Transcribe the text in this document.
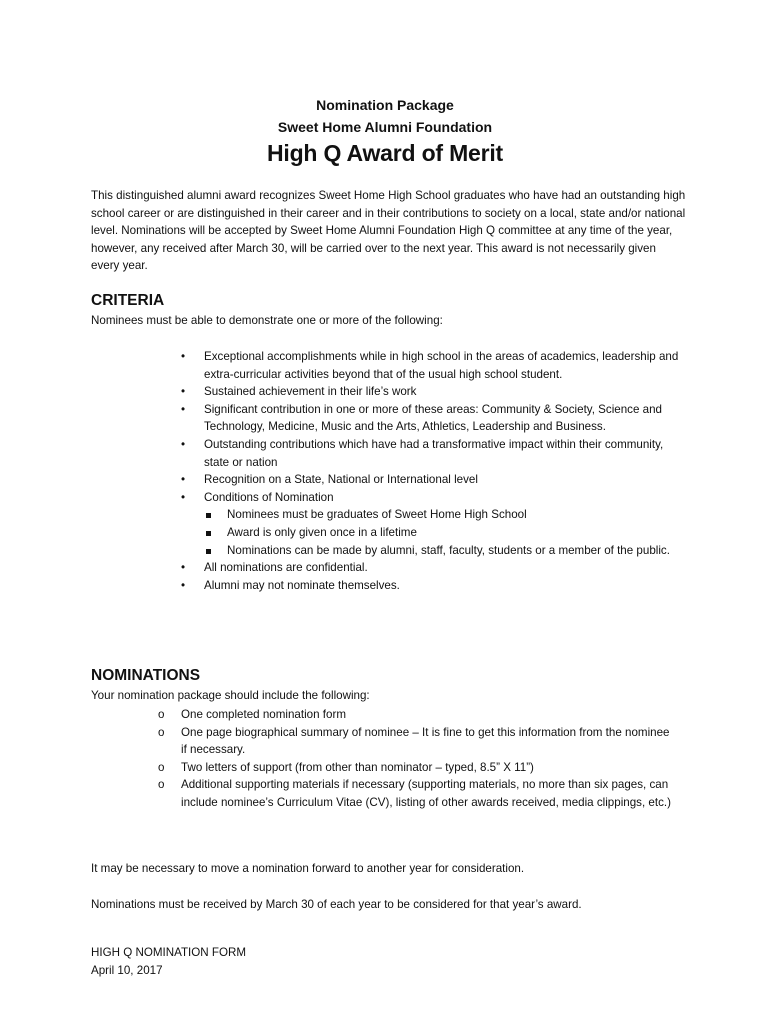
Nomination Package
Sweet Home Alumni Foundation
High Q Award of Merit
This distinguished alumni award recognizes Sweet Home High School graduates who have had an outstanding high school career or are distinguished in their career and in their contributions to society on a local, state and/or national level. Nominations will be accepted by Sweet Home Alumni Foundation High Q committee at any time of the year, however, any received after March 30, will be carried over to the next year. This award is not necessarily given every year.
CRITERIA
Nominees must be able to demonstrate one or more of the following:
• Exceptional accomplishments while in high school in the areas of academics, leadership and extra-curricular activities beyond that of the usual high school student.
• Sustained achievement in their life’s work
• Significant contribution in one or more of these areas: Community & Society, Science and Technology, Medicine, Music and the Arts, Athletics, Leadership and Business.
• Outstanding contributions which have had a transformative impact within their community, state or nation
• Recognition on a State, National or International level
• Conditions of Nomination
Nominees must be graduates of Sweet Home High School
Award is only given once in a lifetime
Nominations can be made by alumni, staff, faculty, students or a member of the public.
• All nominations are confidential.
• Alumni may not nominate themselves.
NOMINATIONS
Your nomination package should include the following:
o One completed nomination form
o One page biographical summary of nominee – It is fine to get this information from the nominee if necessary.
o Two letters of support (from other than nominator – typed, 8.5” X 11”)
o Additional supporting materials if necessary (supporting materials, no more than six pages, can include nominee’s Curriculum Vitae (CV), listing of other awards received, media clippings, etc.)
It may be necessary to move a nomination forward to another year for consideration.
Nominations must be received by March 30 of each year to be considered for that year’s award.
HIGH Q NOMINATION FORM
April 10, 2017
